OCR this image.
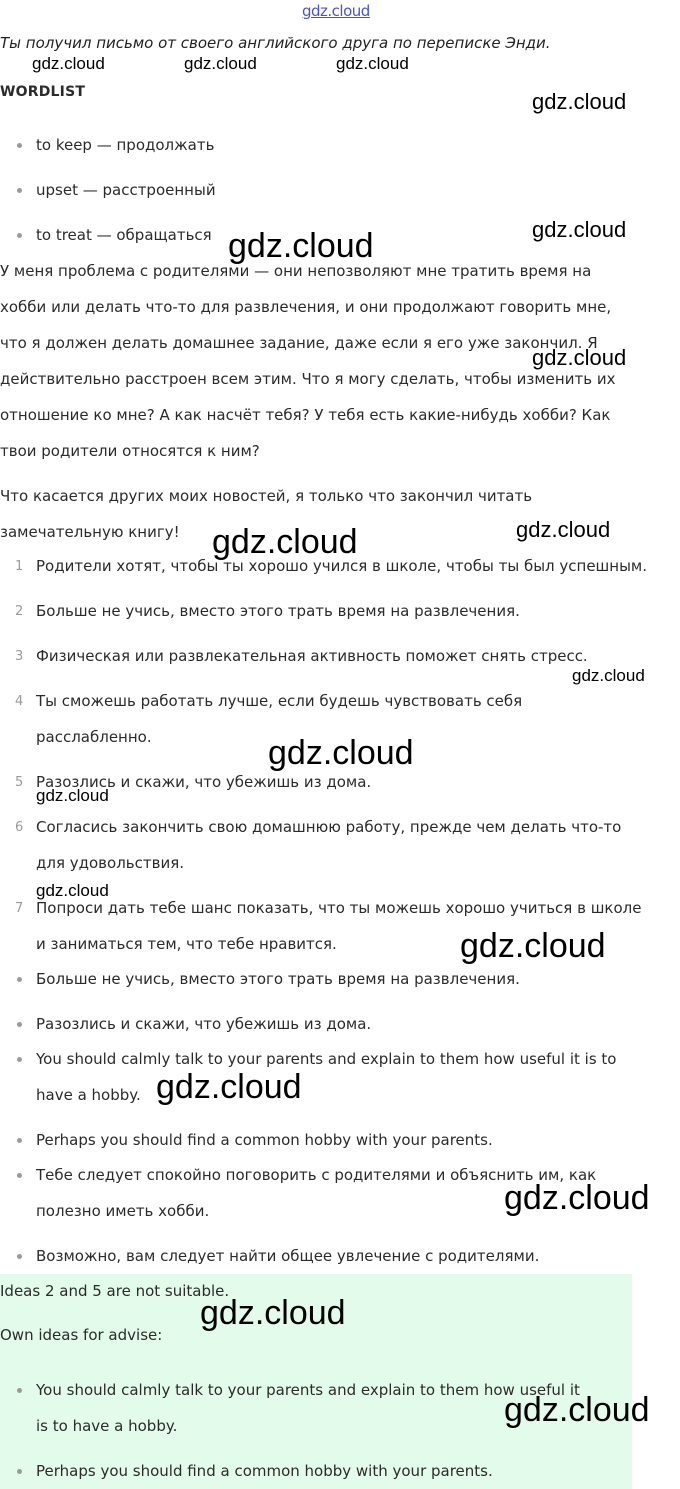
gdz.cloud
Ты получил письмо от своего английского друга по переписке Энди.
gdz.cloud	gdz.cloud	gdz.cloud
WORDLIST	gdz.cloud
to keep — продолжать
upset — расстроенный
to treat — обращаться	gdz.cloud
gdz.cloud
У меня проблема с родителями — они непозволяют мне тратить время на
хобби или делать что-то для развлечения, и они продолжают говорить мне,
что я должен делать домашнее задание, даже если я его уже закончил. Я
действительно расстроен всем этим. Что я могу сделать, чтобы изменить их
отношение ко мне? А как насчёт тебя? У тебя есть какие-нибудь хобби? Как
твои родители относятся к ним?
gdz.cloud
Что касается других моих новостей, я только что закончил читать
замечательную книгу!	gdz.cloud
gdz.cloud
1 Родители хотят, чтобы ты хорошо учился в школе, чтобы ты был успешным.
2 Больше не учись, вместо этого трать время на развлечения.
3 Физическая или развлекательная активность поможет снять стресс.
gdz.cloud
4 Ты сможешь работать лучше, если будешь чувствовать себя
расслабленно.	gdz.cloud
5 Разозлись и скажи, что убежишь из дома.
gdz.cloud
6 Согласись закончить свою домашнюю работу, прежде чем делать что-то
для удовольствия.
gdz.cloud
7 Попроси дать тебе шанс показать, что ты можешь хорошо учиться в школе
и заниматься тем, что тебе нравится.	gdz.cloud
Больше не учись, вместо этого трать время на развлечения.
Разозлись и скажи, что убежишь из дома.
You should calmly talk to your parents and explain to them how useful it is to
have a hobby. gdz.cloud
Perhaps you should find a common hobby with your parents.
Тебе следует спокойно поговорить с родителями и объяснить им, как
полезно иметь хобби.	gdz.cloud
Возможно, вам следует найти общее увлечение с родителями.
Ideas 2 and 5 are not suitable.
gdz.cloud
Own ideas for advise:
You should calmly talk to your parents and explain to them how useful it
is to have a hobby.	gdz.cloud
Perhaps you should find a common hobby with your parents.
